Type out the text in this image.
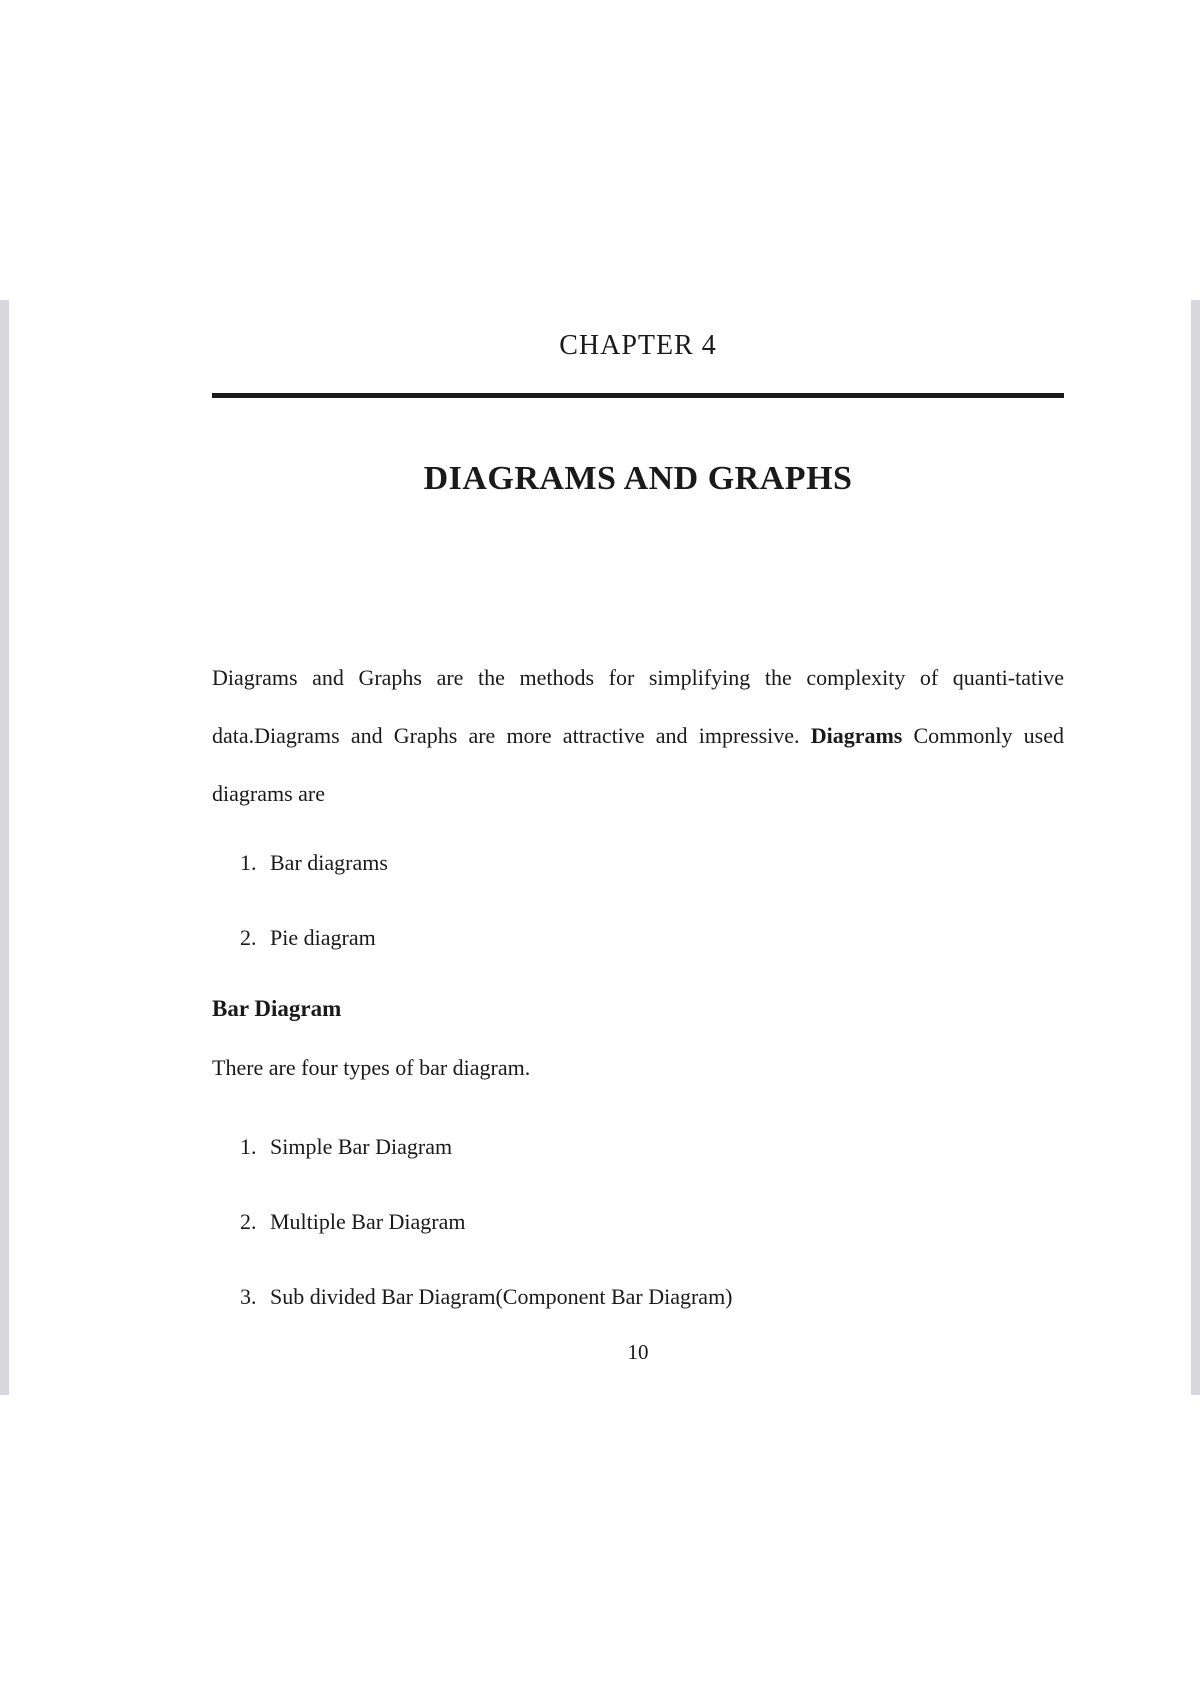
CHAPTER 4
DIAGRAMS AND GRAPHS

Diagrams and Graphs are the methods for simplifying the complexity of quanti-tative data.Diagrams and Graphs are more attractive and impressive. Diagrams Commonly used diagrams are

1. Bar diagrams
2. Pie diagram
Bar Diagram

There are four types of bar diagram.

1. Simple Bar Diagram
2. Multiple Bar Diagram
3. Sub divided Bar Diagram(Component Bar Diagram)

10
